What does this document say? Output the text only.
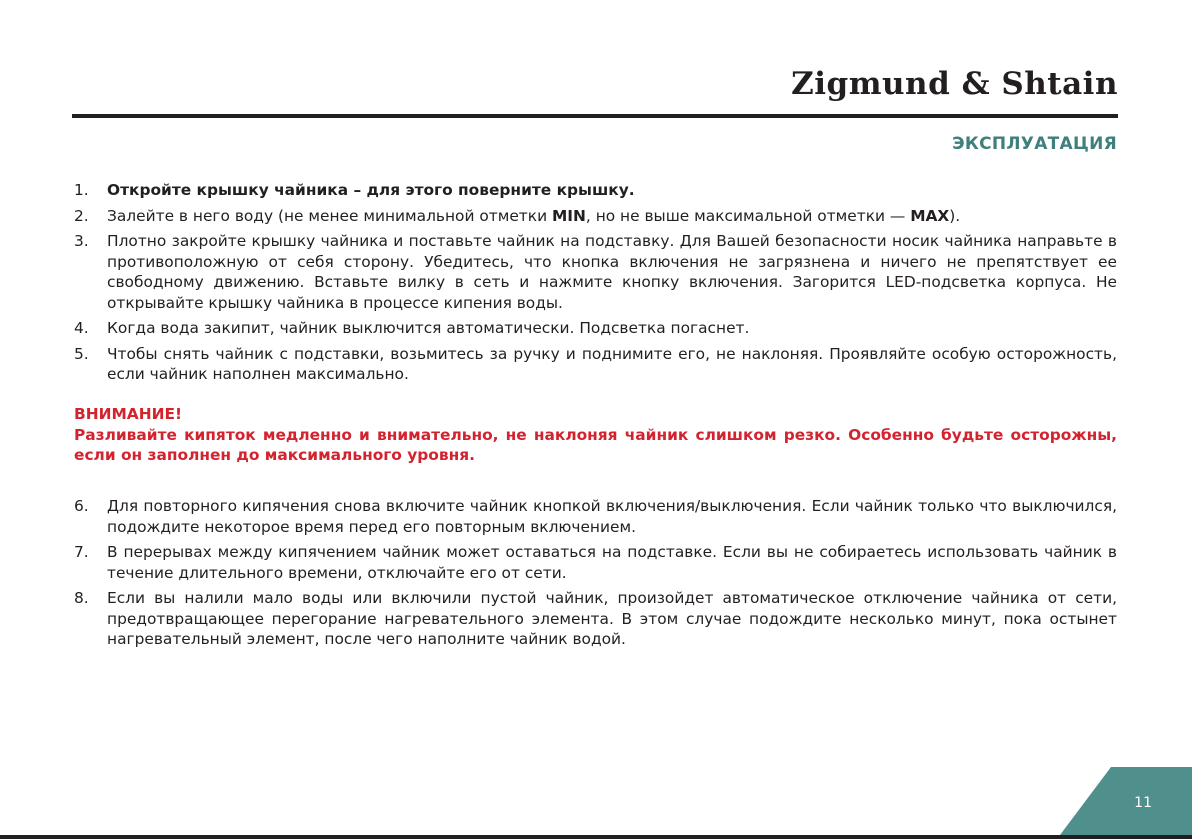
Zigmund & Shtain
ЭКСПЛУАТАЦИЯ
1. Откройте крышку чайника – для этого поверните крышку.
2. Залейте в него воду (не менее минимальной отметки MIN, но не выше максимальной отметки — MAX).
3. Плотно закройте крышку чайника и поставьте чайник на подставку. Для Вашей безопасности носик чайника направьте в противоположную от себя сторону. Убедитесь, что кнопка включения не загрязнена и ничего не препятствует ее свободному движению. Вставьте вилку в сеть и нажмите кнопку включения. Загорится LED-подсветка корпуса. Не открывайте крышку чайника в процессе кипения воды.
4. Когда вода закипит, чайник выключится автоматически. Подсветка погаснет.
5. Чтобы снять чайник с подставки, возьмитесь за ручку и поднимите его, не наклоняя. Проявляйте особую осторожность, если чайник наполнен максимально.
ВНИМАНИЕ!
Разливайте кипяток медленно и внимательно, не наклоняя чайник слишком резко. Особенно будьте осторожны, если он заполнен до максимального уровня.
6. Для повторного кипячения снова включите чайник кнопкой включения/выключения. Если чайник только что выключился, подождите некоторое время перед его повторным включением.
7. В перерывах между кипячением чайник может оставаться на подставке. Если вы не собираетесь использовать чайник в течение длительного времени, отключайте его от сети.
8. Если вы налили мало воды или включили пустой чайник, произойдет автоматическое отключение чайника от сети, предотвращающее перегорание нагревательного элемента. В этом случае подождите несколько минут, пока остынет нагревательный элемент, после чего наполните чайник водой.
11
